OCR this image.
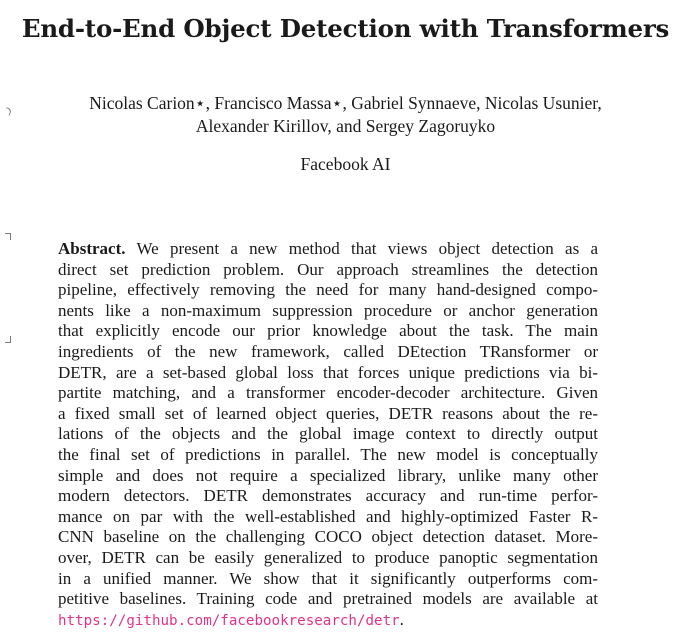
End-to-End Object Detection with Transformers
Nicolas Carion⋆, Francisco Massa⋆, Gabriel Synnaeve, Nicolas Usunier,
Alexander Kirillov, and Sergey Zagoruyko
Facebook AI
Abstract. We present a new method that views object detection as a
direct set prediction problem. Our approach streamlines the detection
pipeline, effectively removing the need for many hand-designed compo-
nents like a non-maximum suppression procedure or anchor generation
that explicitly encode our prior knowledge about the task. The main
ingredients of the new framework, called DEtection TRansformer or
DETR, are a set-based global loss that forces unique predictions via bi-
partite matching, and a transformer encoder-decoder architecture. Given
a fixed small set of learned object queries, DETR reasons about the re-
lations of the objects and the global image context to directly output
the final set of predictions in parallel. The new model is conceptually
simple and does not require a specialized library, unlike many other
modern detectors. DETR demonstrates accuracy and run-time perfor-
mance on par with the well-established and highly-optimized Faster R-
CNN baseline on the challenging COCO object detection dataset. More-
over, DETR can be easily generalized to produce panoptic segmentation
in a unified manner. We show that it significantly outperforms com-
petitive baselines. Training code and pretrained models are available at
https://github.com/facebookresearch/detr.
